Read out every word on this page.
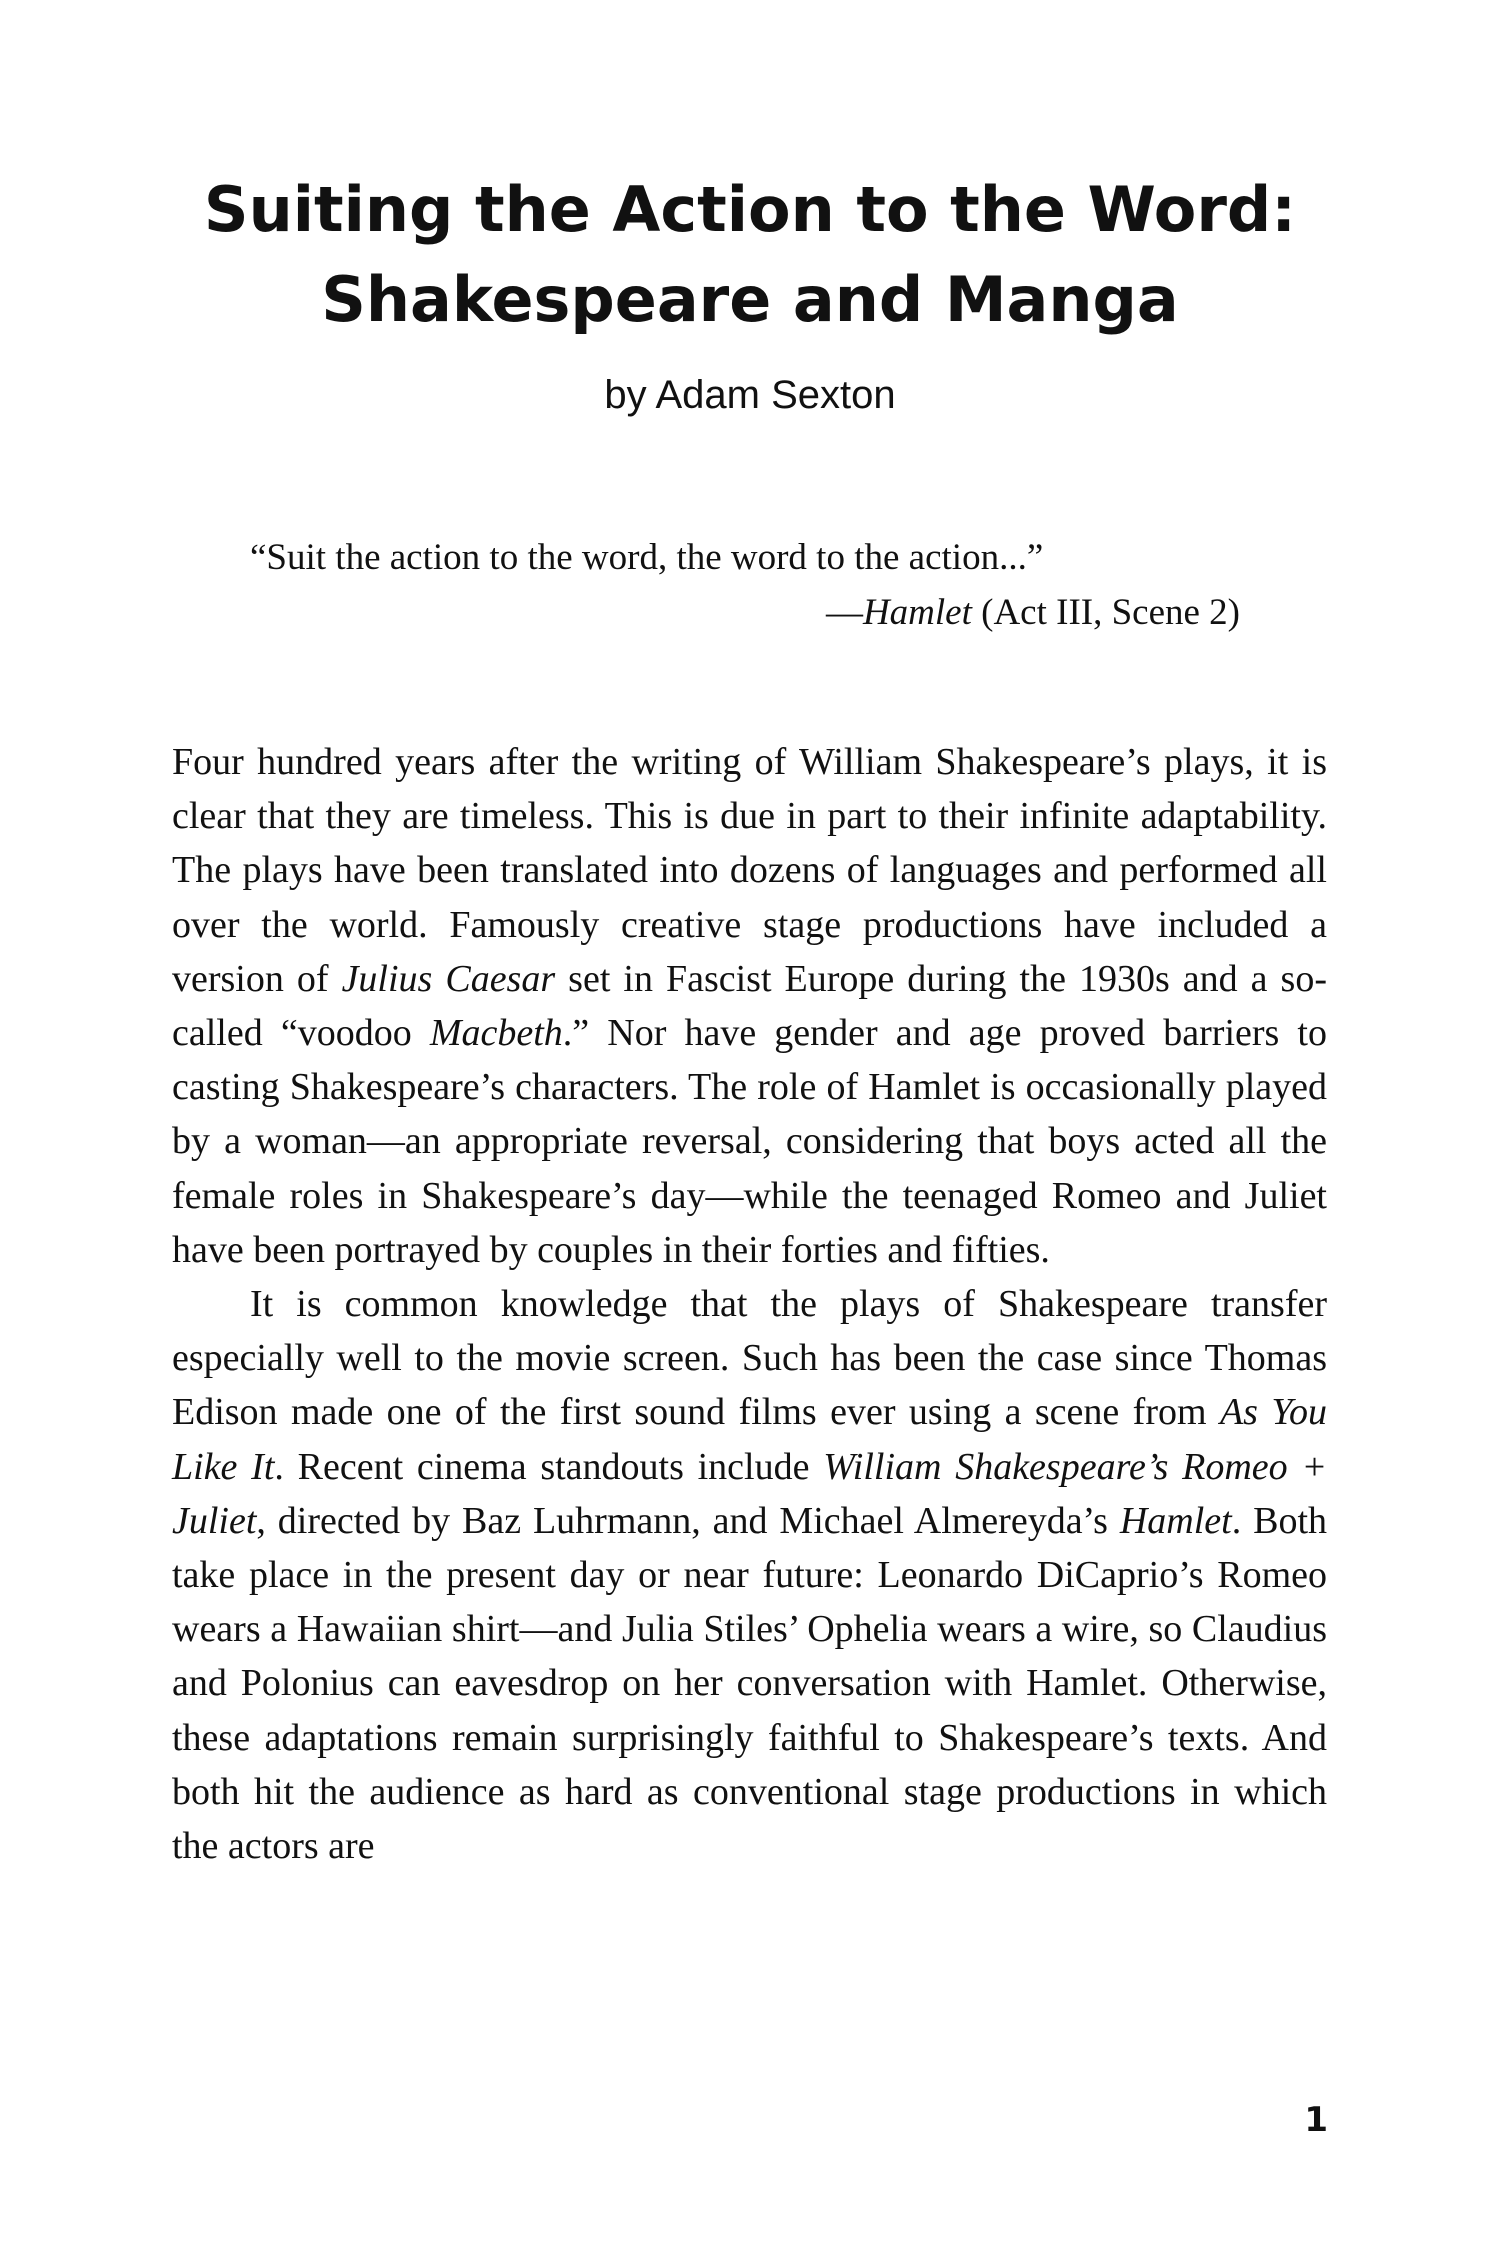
Suiting the Action to the Word:
Shakespeare and Manga

by Adam Sexton

“Suit the action to the word, the word to the action...”
—Hamlet (Act III, Scene 2)

Four hundred years after the writing of William Shakespeare’s plays, it is clear that they are timeless. This is due in part to their infinite adaptability. The plays have been translated into dozens of languages and performed all over the world. Famously creative stage productions have included a version of Julius Caesar set in Fascist Europe during the 1930s and a so-called “voodoo Macbeth.” Nor have gender and age proved barriers to casting Shakespeare’s characters. The role of Hamlet is occasionally played by a woman—an appropriate reversal, considering that boys acted all the female roles in Shakespeare’s day—while the teenaged Romeo and Juliet have been portrayed by couples in their forties and fifties.

It is common knowledge that the plays of Shakespeare transfer especially well to the movie screen. Such has been the case since Thomas Edison made one of the first sound films ever using a scene from As You Like It. Recent cinema standouts include William Shakespeare’s Romeo + Juliet, directed by Baz Luhrmann, and Michael Almereyda’s Hamlet. Both take place in the present day or near future: Leonardo DiCaprio’s Romeo wears a Hawaiian shirt—and Julia Stiles’ Ophelia wears a wire, so Claudius and Polonius can eavesdrop on her conversation with Hamlet. Otherwise, these adaptations remain surprisingly faithful to Shakespeare’s texts. And both hit the audience as hard as conventional stage productions in which the actors are

1
